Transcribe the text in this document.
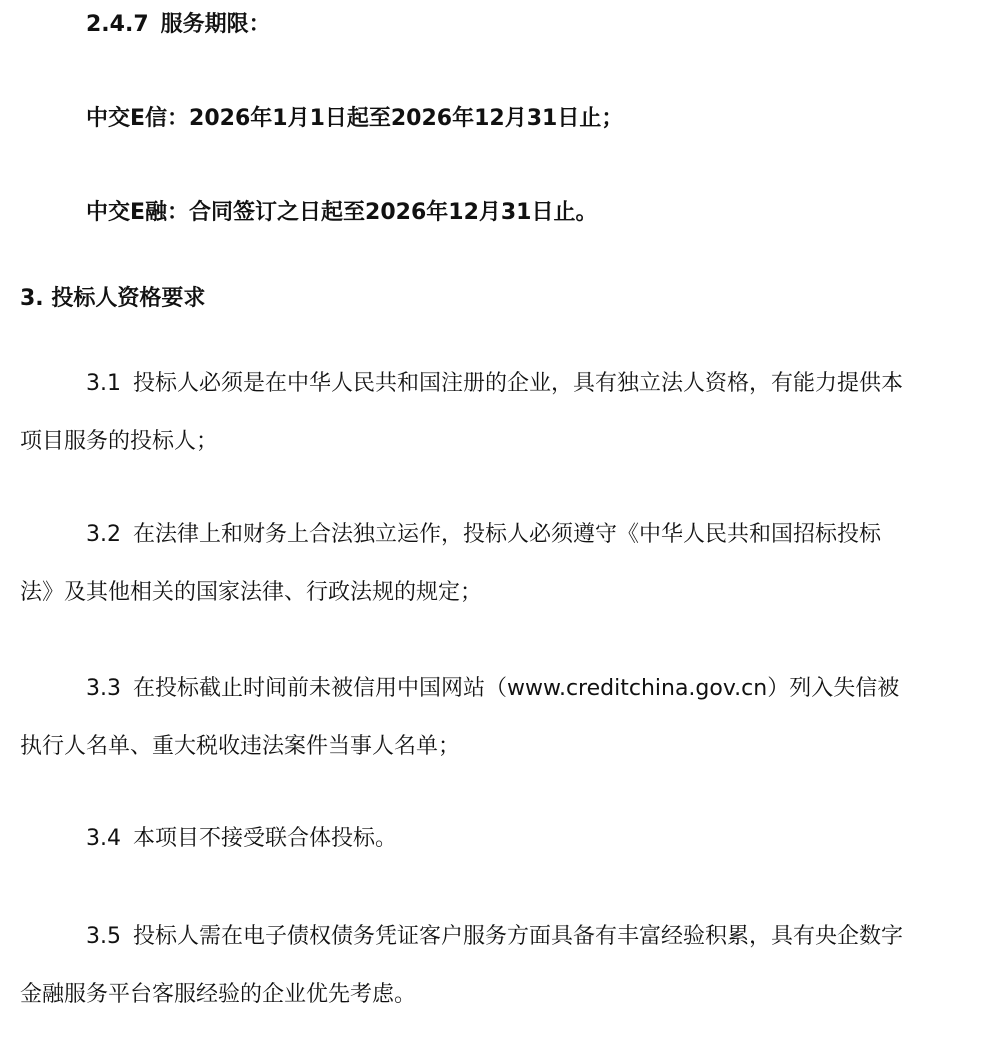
2.4.7 服务期限：
中交E信：2026年1月1日起至2026年12月31日止；
中交E融：合同签订之日起至2026年12月31日止。
3. 投标人资格要求
3.1 投标人必须是在中华人民共和国注册的企业，具有独立法人资格，有能力提供本
项目服务的投标人；
3.2 在法律上和财务上合法独立运作，投标人必须遵守《中华人民共和国招标投标
法》及其他相关的国家法律、行政法规的规定；
3.3 在投标截止时间前未被信用中国网站（www.creditchina.gov.cn）列入失信被
执行人名单、重大税收违法案件当事人名单；
3.4 本项目不接受联合体投标。
3.5 投标人需在电子债权债务凭证客户服务方面具备有丰富经验积累，具有央企数字
金融服务平台客服经验的企业优先考虑。
